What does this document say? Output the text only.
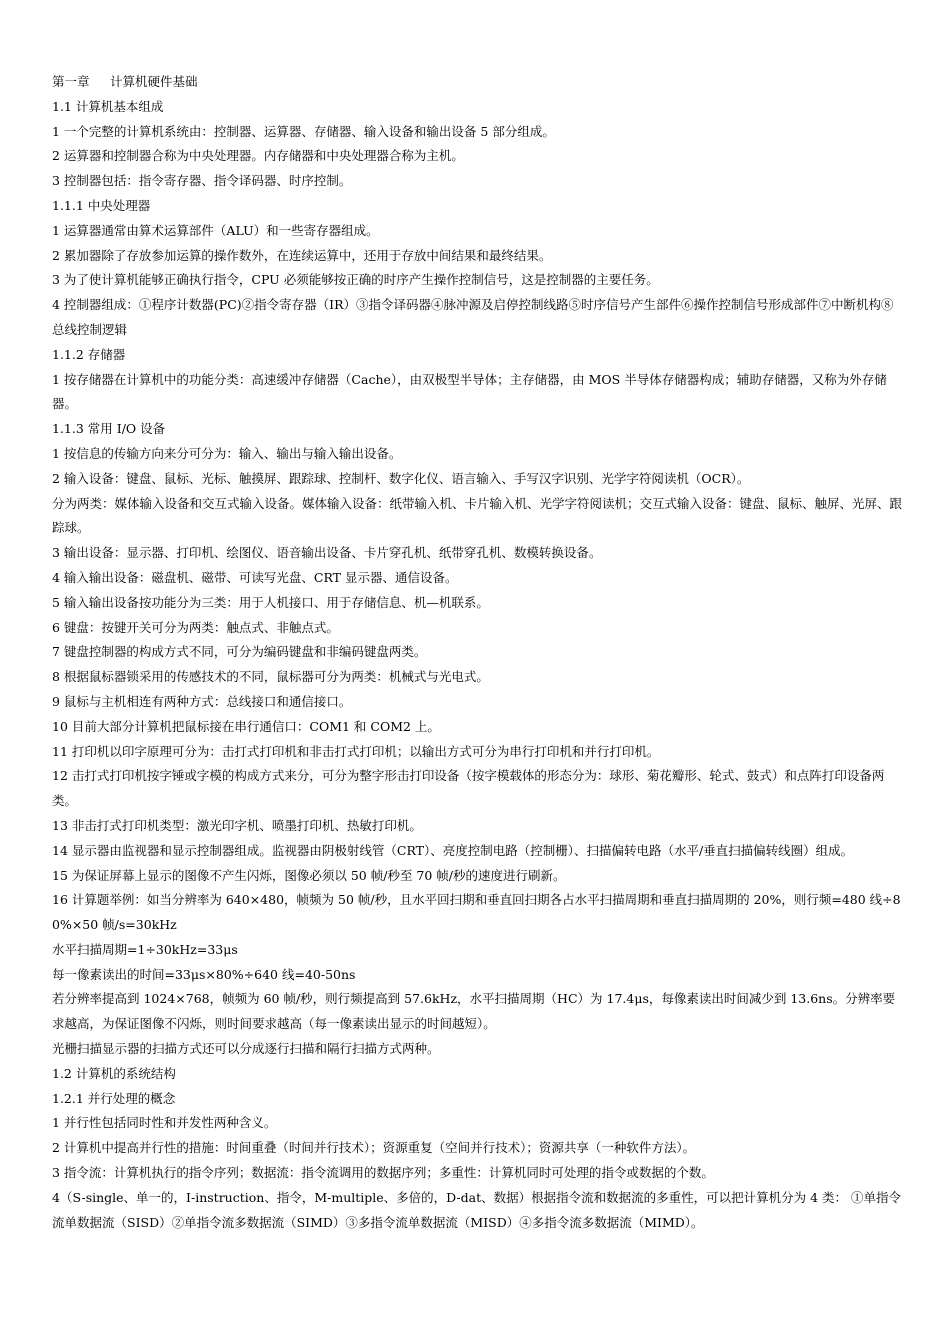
第一章 计算机硬件基础
1.1 计算机基本组成
1 一个完整的计算机系统由：控制器、运算器、存储器、输入设备和输出设备 5 部分组成。
2 运算器和控制器合称为中央处理器。内存储器和中央处理器合称为主机。
3 控制器包括：指令寄存器、指令译码器、时序控制。
1.1.1 中央处理器
1 运算器通常由算术运算部件（ALU）和一些寄存器组成。
2 累加器除了存放参加运算的操作数外，在连续运算中，还用于存放中间结果和最终结果。
3 为了使计算机能够正确执行指令，CPU 必须能够按正确的时序产生操作控制信号，这是控制器的主要任务。
4 控制器组成：①程序计数器(PC)②指令寄存器（IR）③指令译码器④脉冲源及启停控制线路⑤时序信号产生部件⑥操作控制信号形成部件⑦中断机构⑧总线控制逻辑
1.1.2 存储器
1 按存储器在计算机中的功能分类：高速缓冲存储器（Cache），由双极型半导体；主存储器，由 MOS 半导体存储器构成；辅助存储器，又称为外存储器。
1.1.3 常用 I/O 设备
1 按信息的传输方向来分可分为：输入、输出与输入输出设备。
2 输入设备：键盘、鼠标、光标、触摸屏、跟踪球、控制杆、数字化仪、语言输入、手写汉字识别、光学字符阅读机（OCR）。
分为两类：媒体输入设备和交互式输入设备。媒体输入设备：纸带输入机、卡片输入机、光学字符阅读机；交互式输入设备：键盘、鼠标、触屏、光屏、跟踪球。
3 输出设备：显示器、打印机、绘图仪、语音输出设备、卡片穿孔机、纸带穿孔机、数模转换设备。
4 输入输出设备：磁盘机、磁带、可读写光盘、CRT 显示器、通信设备。
5 输入输出设备按功能分为三类：用于人机接口、用于存储信息、机—机联系。
6 键盘：按键开关可分为两类：触点式、非触点式。
7 键盘控制器的构成方式不同，可分为编码键盘和非编码键盘两类。
8 根据鼠标器锁采用的传感技术的不同，鼠标器可分为两类：机械式与光电式。
9 鼠标与主机相连有两种方式：总线接口和通信接口。
10 目前大部分计算机把鼠标接在串行通信口：COM1 和 COM2 上。
11 打印机以印字原理可分为：击打式打印机和非击打式打印机；以输出方式可分为串行打印机和并行打印机。
12 击打式打印机按字锤或字模的构成方式来分，可分为整字形击打印设备（按字模载体的形态分为：球形、菊花瓣形、轮式、鼓式）和点阵打印设备两类。
13 非击打式打印机类型：激光印字机、喷墨打印机、热敏打印机。
14 显示器由监视器和显示控制器组成。监视器由阴极射线管（CRT）、亮度控制电路（控制栅）、扫描偏转电路（水平/垂直扫描偏转线圈）组成。
15 为保证屏幕上显示的图像不产生闪烁，图像必须以 50 帧/秒至 70 帧/秒的速度进行刷新。
16 计算题举例：如当分辨率为 640×480，帧频为 50 帧/秒，且水平回扫期和垂直回扫期各占水平扫描周期和垂直扫描周期的 20%，则行频=480 线÷80%×50 帧/s=30kHz
水平扫描周期=1÷30kHz=33μs
每一像素读出的时间=33μs×80%÷640 线=40-50ns
若分辨率提高到 1024×768，帧频为 60 帧/秒，则行频提高到 57.6kHz，水平扫描周期（HC）为 17.4μs，每像素读出时间减少到 13.6ns。分辨率要求越高，为保证图像不闪烁，则时间要求越高（每一像素读出显示的时间越短）。
光栅扫描显示器的扫描方式还可以分成逐行扫描和隔行扫描方式两种。
1.2 计算机的系统结构
1.2.1 并行处理的概念
1 并行性包括同时性和并发性两种含义。
2 计算机中提高并行性的措施：时间重叠（时间并行技术）；资源重复（空间并行技术）；资源共享（一种软件方法）。
3 指令流：计算机执行的指令序列；数据流：指令流调用的数据序列；多重性：计算机同时可处理的指令或数据的个数。
4（S-single、单一的，I-instruction、指令，M-multiple、多倍的，D-dat、数据）根据指令流和数据流的多重性，可以把计算机分为 4 类： ①单指令流单数据流（SISD）②单指令流多数据流（SIMD）③多指令流单数据流（MISD）④多指令流多数据流（MIMD）。
